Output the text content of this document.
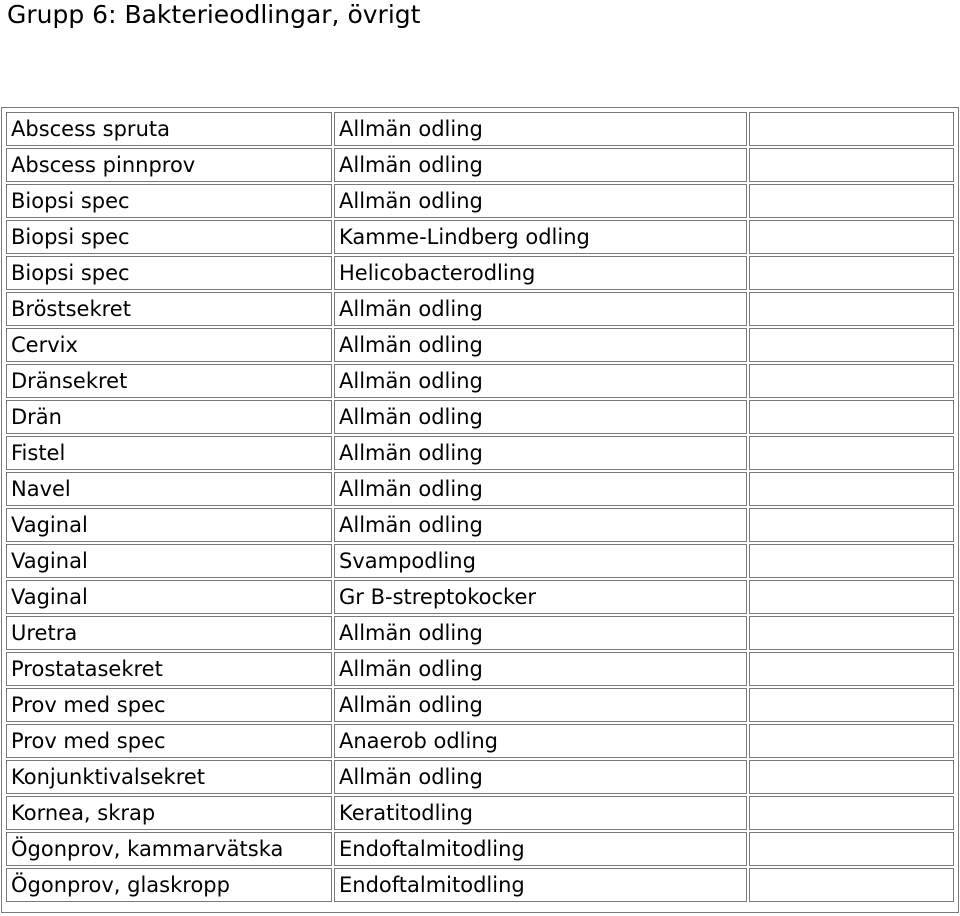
Grupp 6: Bakterieodlingar, övrigt
Abscess spruta	Allmän odling	
Abscess pinnprov	Allmän odling	
Biopsi spec	Allmän odling	
Biopsi spec	Kamme-Lindberg odling	
Biopsi spec	Helicobacterodling	
Bröstsekret	Allmän odling	
Cervix	Allmän odling	
Dränsekret	Allmän odling	
Drän	Allmän odling	
Fistel	Allmän odling	
Navel	Allmän odling	
Vaginal	Allmän odling	
Vaginal	Svampodling	
Vaginal	Gr B-streptokocker	
Uretra	Allmän odling	
Prostatasekret	Allmän odling	
Prov med spec	Allmän odling	
Prov med spec	Anaerob odling	
Konjunktivalsekret	Allmän odling	
Kornea, skrap	Keratitodling	
Ögonprov, kammarvätska	Endoftalmitodling	
Ögonprov, glaskropp	Endoftalmitodling	
